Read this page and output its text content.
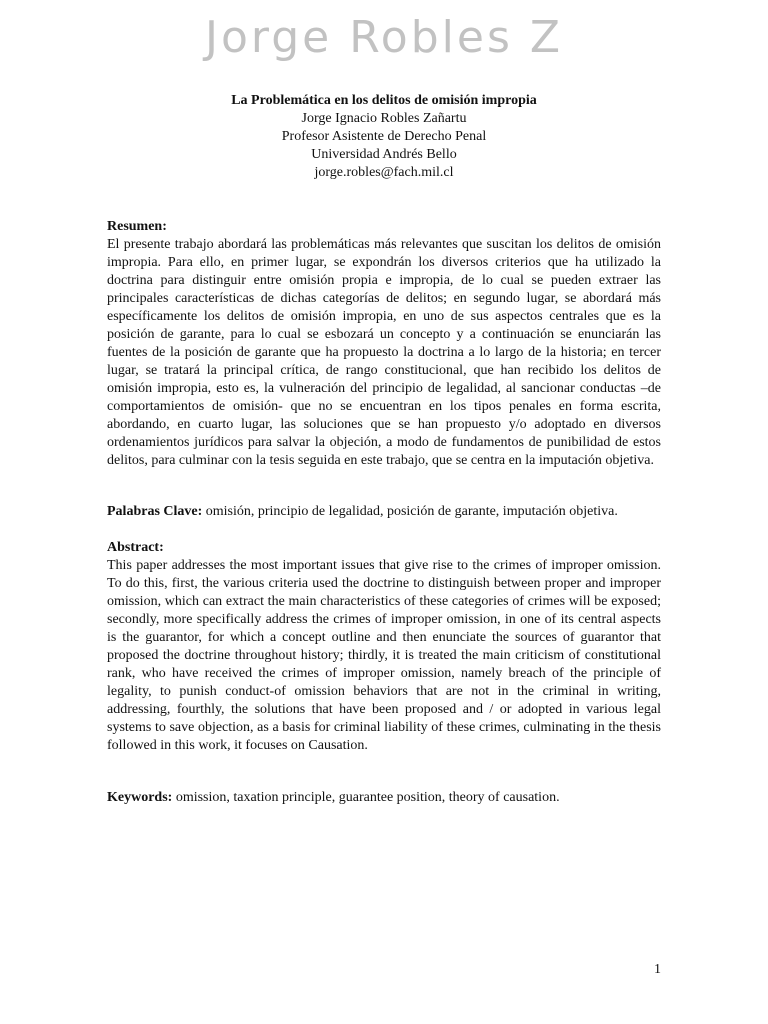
Jorge Robles Z
La Problemática en los delitos de omisión impropia
Jorge Ignacio Robles Zañartu
Profesor Asistente de Derecho Penal
Universidad Andrés Bello
jorge.robles@fach.mil.cl
Resumen:

El presente trabajo abordará las problemáticas más relevantes que suscitan los delitos de omisión impropia. Para ello, en primer lugar, se expondrán los diversos criterios que ha utilizado la doctrina para distinguir entre omisión propia e impropia, de lo cual se pueden extraer las principales características de dichas categorías de delitos; en segundo lugar, se abordará más específicamente los delitos de omisión impropia, en uno de sus aspectos centrales que es la posición de garante, para lo cual se esbozará un concepto y a continuación se enunciarán las fuentes de la posición de garante que ha propuesto la doctrina a lo largo de la historia; en tercer lugar, se tratará la principal crítica, de rango constitucional, que han recibido los delitos de omisión impropia, esto es, la vulneración del principio de legalidad, al sancionar conductas –de comportamientos de omisión- que no se encuentran en los tipos penales en forma escrita, abordando, en cuarto lugar, las soluciones que se han propuesto y/o adoptado en diversos ordenamientos jurídicos para salvar la objeción, a modo de fundamentos de punibilidad de estos delitos, para culminar con la tesis seguida en este trabajo, que se centra en la imputación objetiva.

Palabras Clave: omisión, principio de legalidad, posición de garante, imputación objetiva.

Abstract:

This paper addresses the most important issues that give rise to the crimes of improper omission. To do this, first, the various criteria used the doctrine to distinguish between proper and improper omission, which can extract the main characteristics of these categories of crimes will be exposed; secondly, more specifically address the crimes of improper omission, in one of its central aspects is the guarantor, for which a concept outline and then enunciate the sources of guarantor that proposed the doctrine throughout history; thirdly, it is treated the main criticism of constitutional rank, who have received the crimes of improper omission, namely breach of the principle of legality, to punish conduct-of omission behaviors that are not in the criminal in writing, addressing, fourthly, the solutions that have been proposed and / or adopted in various legal systems to save objection, as a basis for criminal liability of these crimes, culminating in the thesis followed in this work, it focuses on Causation.

Keywords: omission, taxation principle, guarantee position, theory of causation.

1
